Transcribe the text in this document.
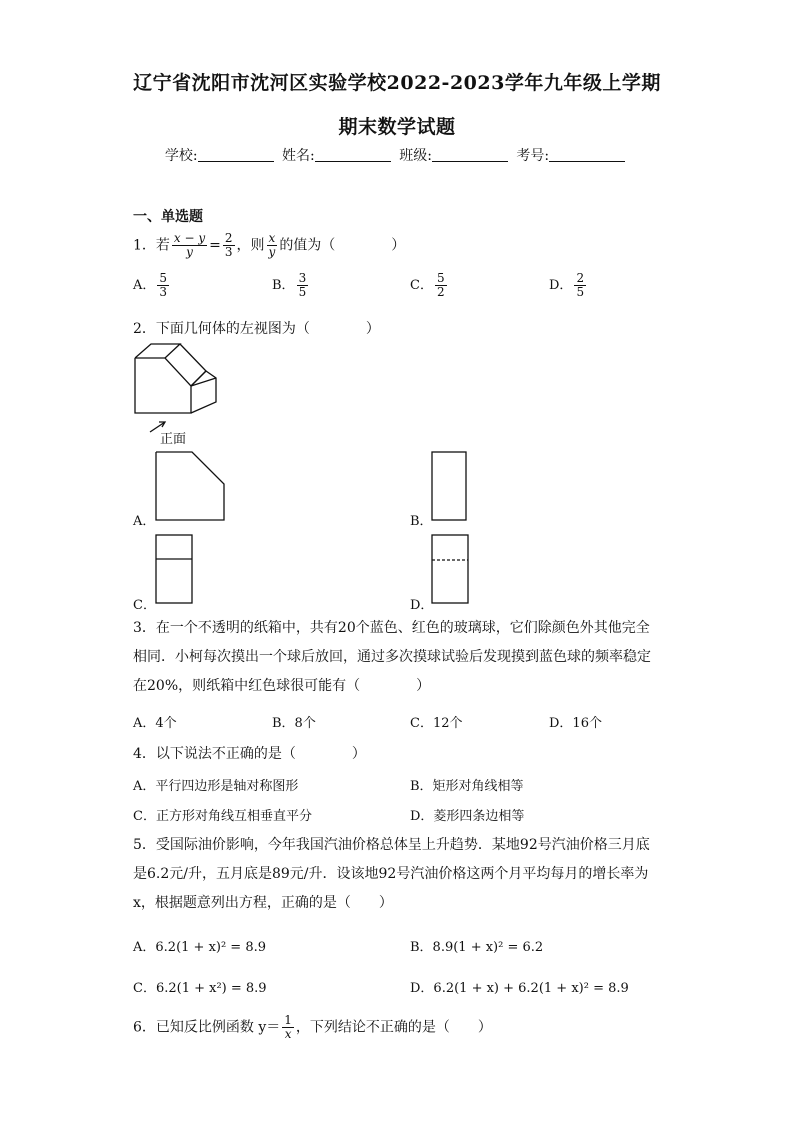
辽宁省沈阳市沈河区实验学校2022-2023学年九年级上学期
期末数学试题
学校:	姓名:	班级:	考号:
一、单选题
1．若 $\frac{x - y}{y} = \frac{2}{3}$ ，则 $\frac{x}{y}$ 的值为（　　　　）
A． $\frac{5}{3}$	B． $\frac{3}{5}$	C． $\frac{5}{2}$	D． $\frac{2}{5}$
2．下面几何体的左视图为（　　　　）
正面
A．	B．
C．	D．
3．在一个不透明的纸箱中，共有20个蓝色、红色的玻璃球，它们除颜色外其他完全
相同．小柯每次摸出一个球后放回，通过多次摸球试验后发现摸到蓝色球的频率稳定
在20%，则纸箱中红色球很可能有（　　　　）
A．4个	B．8个	C．12个	D．16个
4．以下说法不正确的是（　　　　）
A．平行四边形是轴对称图形	B．矩形对角线相等
C．正方形对角线互相垂直平分	D．菱形四条边相等
5．受国际油价影响，今年我国汽油价格总体呈上升趋势．某地92号汽油价格三月底
是6.2元/升，五月底是89元/升．设该地92号汽油价格这两个月平均每月的增长率为
x，根据题意列出方程，正确的是（　　）
A．6.2(1 + x)² = 8.9	B．8.9(1 + x)² = 6.2
C．6.2(1 + x²) = 8.9	D．6.2(1 + x) + 6.2(1 + x)² = 8.9
6．已知反比例函数 $y= \frac{1}{x}$ ，下列结论不正确的是（　　）
